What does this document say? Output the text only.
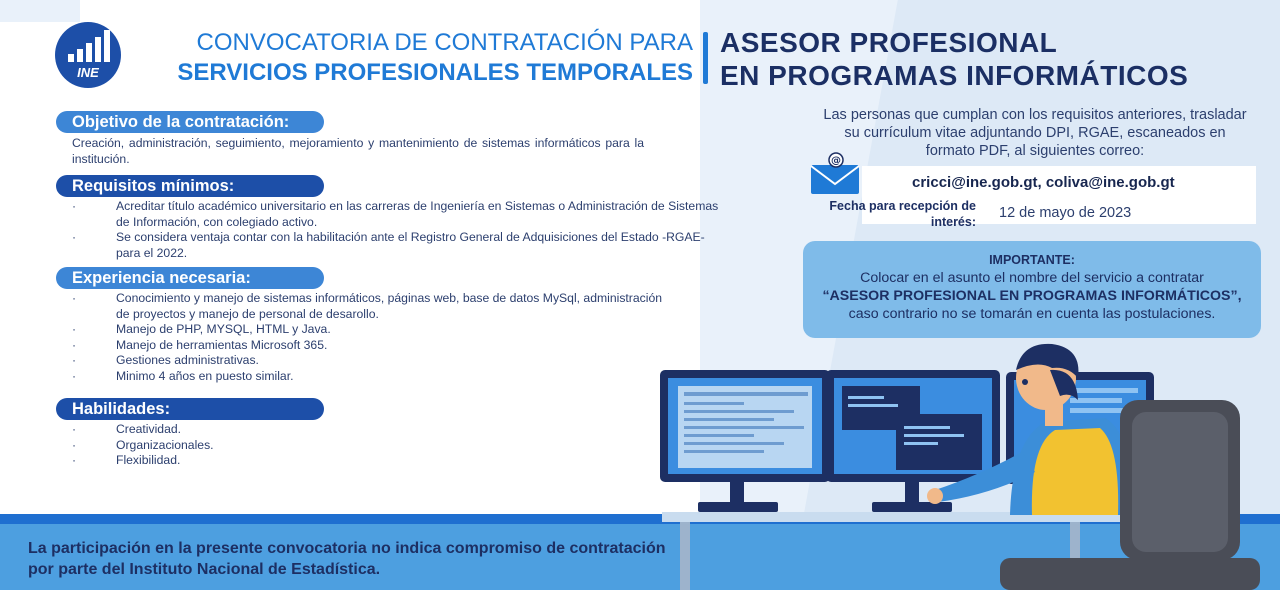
INE
CONVOCATORIA DE CONTRATACIÓN PARA
SERVICIOS PROFESIONALES TEMPORALES
ASESOR PROFESIONAL
EN PROGRAMAS INFORMÁTICOS
Objetivo de la contratación:
Creación, administración, seguimiento, mejoramiento y mantenimiento de sistemas informáticos para la institución.
Requisitos mínimos:
· Acreditar título académico universitario en las carreras de Ingeniería en Sistemas o Administración de Sistemas de Información, con colegiado activo.
· Se considera ventaja contar con la habilitación ante el Registro General de Adquisiciones del Estado -RGAE- para el 2022.
Experiencia necesaria:
· Conocimiento y manejo de sistemas informáticos, páginas web, base de datos MySql, administración de proyectos y manejo de personal de desarollo.
· Manejo de PHP, MYSQL, HTML y Java.
· Manejo de herramientas Microsoft 365.
· Gestiones administrativas.
· Minimo 4 años en puesto similar.
Habilidades:
· Creatividad.
· Organizacionales.
· Flexibilidad.
Las personas que cumplan con los requisitos anteriores, trasladar su currículum vitae adjuntando DPI, RGAE, escaneados en formato PDF, al siguientes correo:
@
cricci@ine.gob.gt, coliva@ine.gob.gt
Fecha para recepción de interés:
12 de mayo de 2023
IMPORTANTE:
Colocar en el asunto el nombre del servicio a contratar
“ASESOR PROFESIONAL EN PROGRAMAS INFORMÁTICOS”,
caso contrario no se tomarán en cuenta las postulaciones.
La participación en la presente convocatoria no indica compromiso de contratación por parte del Instituto Nacional de Estadística.
